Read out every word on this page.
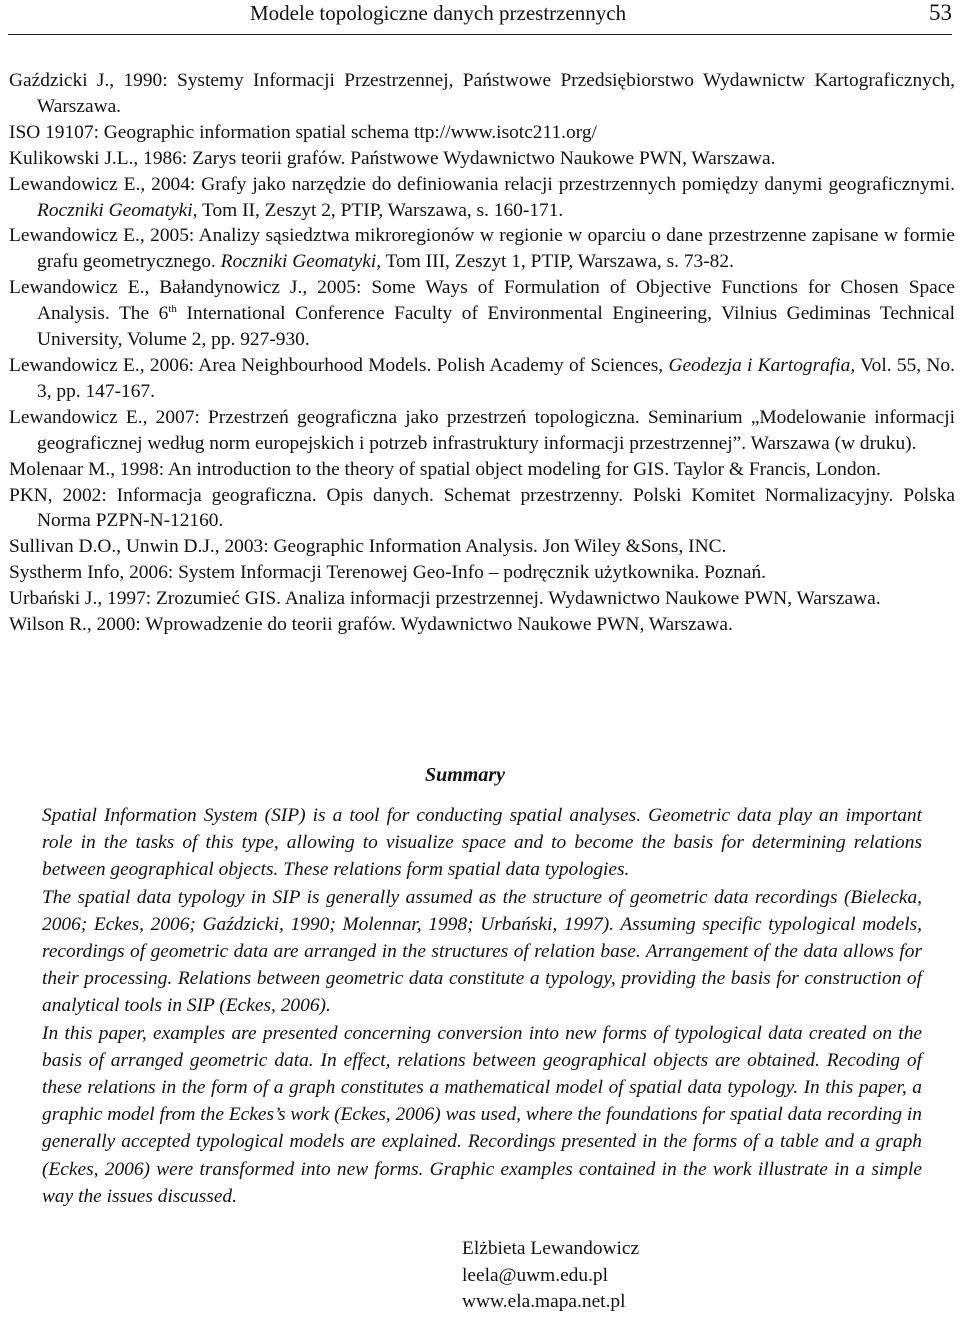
Modele topologiczne danych przestrzennych	53

Gaździcki J., 1990: Systemy Informacji Przestrzennej, Państwowe Przedsiębiorstwo Wydawnictw Kartograficznych, Warszawa.

ISO 19107: Geographic information spatial schema ttp://www.isotc211.org/

Kulikowski J.L., 1986: Zarys teorii grafów. Państwowe Wydawnictwo Naukowe PWN, Warszawa.

Lewandowicz E., 2004: Grafy jako narzędzie do definiowania relacji przestrzennych pomiędzy danymi geograficznymi. Roczniki Geomatyki, Tom II, Zeszyt 2, PTIP, Warszawa, s. 160-171.

Lewandowicz E., 2005: Analizy sąsiedztwa mikroregionów w regionie w oparciu o dane przestrzenne zapisane w formie grafu geometrycznego. Roczniki Geomatyki, Tom III, Zeszyt 1, PTIP, Warszawa, s. 73-82.

Lewandowicz E., Bałandynowicz J., 2005: Some Ways of Formulation of Objective Functions for Chosen Space Analysis. The 6th International Conference Faculty of Environmental Engineering, Vilnius Gediminas Technical University, Volume 2, pp. 927-930.

Lewandowicz E., 2006: Area Neighbourhood Models. Polish Academy of Sciences, Geodezja i Kartografia, Vol. 55, No. 3, pp. 147-167.

Lewandowicz E., 2007: Przestrzeń geograficzna jako przestrzeń topologiczna. Seminarium „Modelowanie informacji geograficznej według norm europejskich i potrzeb infrastruktury informacji przestrzennej”. Warszawa (w druku).

Molenaar M., 1998: An introduction to the theory of spatial object modeling for GIS. Taylor & Francis, London.

PKN, 2002: Informacja geograficzna. Opis danych. Schemat przestrzenny. Polski Komitet Normalizacyjny. Polska Norma PZPN-N-12160.

Sullivan D.O., Unwin D.J., 2003: Geographic Information Analysis. Jon Wiley &Sons, INC.

Systherm Info, 2006: System Informacji Terenowej Geo-Info – podręcznik użytkownika. Poznań.

Urbański J., 1997: Zrozumieć GIS. Analiza informacji przestrzennej. Wydawnictwo Naukowe PWN, Warszawa.

Wilson R., 2000: Wprowadzenie do teorii grafów. Wydawnictwo Naukowe PWN, Warszawa.

Summary

Spatial Information System (SIP) is a tool for conducting spatial analyses. Geometric data play an important role in the tasks of this type, allowing to visualize space and to become the basis for determining relations between geographical objects. These relations form spatial data typologies.

The spatial data typology in SIP is generally assumed as the structure of geometric data recordings (Bielecka, 2006; Eckes, 2006; Gaździcki, 1990; Molennar, 1998; Urbański, 1997). Assuming specific typological models, recordings of geometric data are arranged in the structures of relation base. Arrangement of the data allows for their processing. Relations between geometric data constitute a typology, providing the basis for construction of analytical tools in SIP (Eckes, 2006).

In this paper, examples are presented concerning conversion into new forms of typological data created on the basis of arranged geometric data. In effect, relations between geographical objects are obtained. Recoding of these relations in the form of a graph constitutes a mathematical model of spatial data typology. In this paper, a graphic model from the Eckes’s work (Eckes, 2006) was used, where the foundations for spatial data recording in generally accepted typological models are explained. Recordings presented in the forms of a table and a graph (Eckes, 2006) were transformed into new forms. Graphic examples contained in the work illustrate in a simple way the issues discussed.

Elżbieta Lewandowicz
leela@uwm.edu.pl
www.ela.mapa.net.pl
